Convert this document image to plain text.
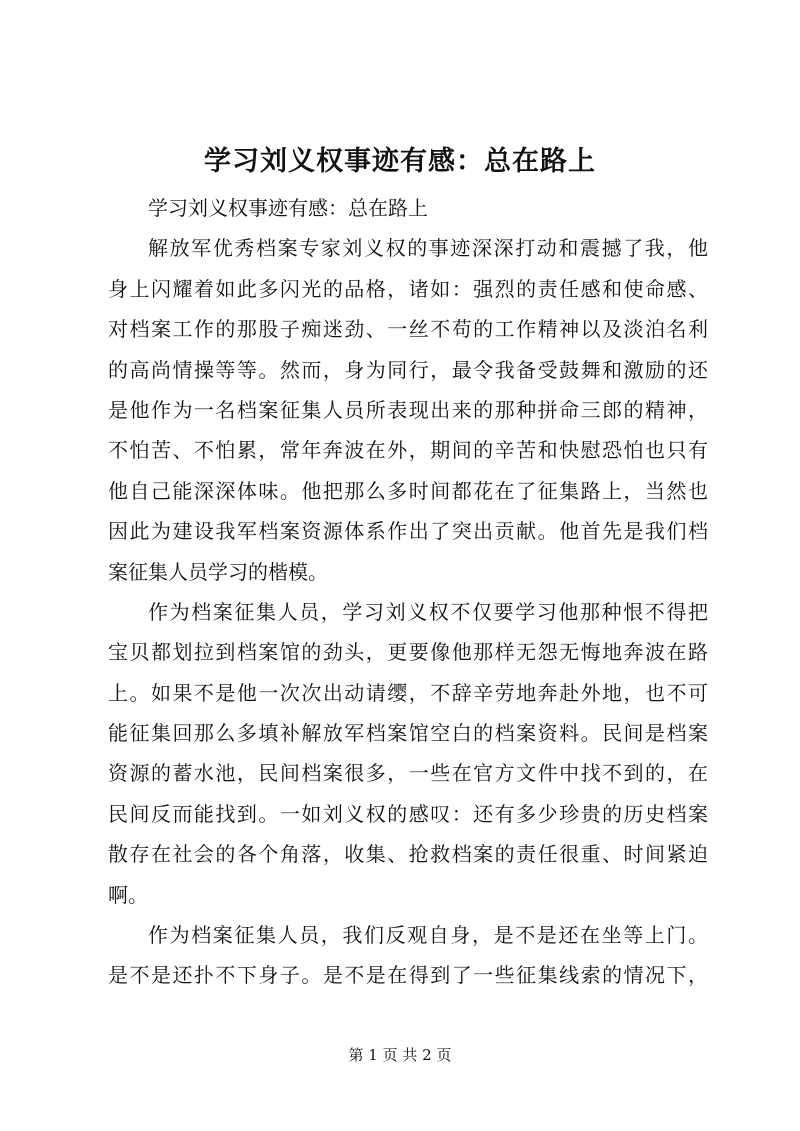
学习刘义权事迹有感：总在路上
学习刘义权事迹有感：总在路上
解放军优秀档案专家刘义权的事迹深深打动和震撼了我，他
身上闪耀着如此多闪光的品格，诸如：强烈的责任感和使命感、
对档案工作的那股子痴迷劲、一丝不苟的工作精神以及淡泊名利
的高尚情操等等。然而，身为同行，最令我备受鼓舞和激励的还
是他作为一名档案征集人员所表现出来的那种拼命三郎的精神，
不怕苦、不怕累，常年奔波在外，期间的辛苦和快慰恐怕也只有
他自己能深深体味。他把那么多时间都花在了征集路上，当然也
因此为建设我军档案资源体系作出了突出贡献。他首先是我们档
案征集人员学习的楷模。
作为档案征集人员，学习刘义权不仅要学习他那种恨不得把
宝贝都划拉到档案馆的劲头，更要像他那样无怨无悔地奔波在路
上。如果不是他一次次出动请缨，不辞辛劳地奔赴外地，也不可
能征集回那么多填补解放军档案馆空白的档案资料。民间是档案
资源的蓄水池，民间档案很多，一些在官方文件中找不到的，在
民间反而能找到。一如刘义权的感叹：还有多少珍贵的历史档案
散存在社会的各个角落，收集、抢救档案的责任很重、时间紧迫
啊。
作为档案征集人员，我们反观自身，是不是还在坐等上门。
是不是还扑不下身子。是不是在得到了一些征集线索的情况下，
第 1 页 共 2 页
